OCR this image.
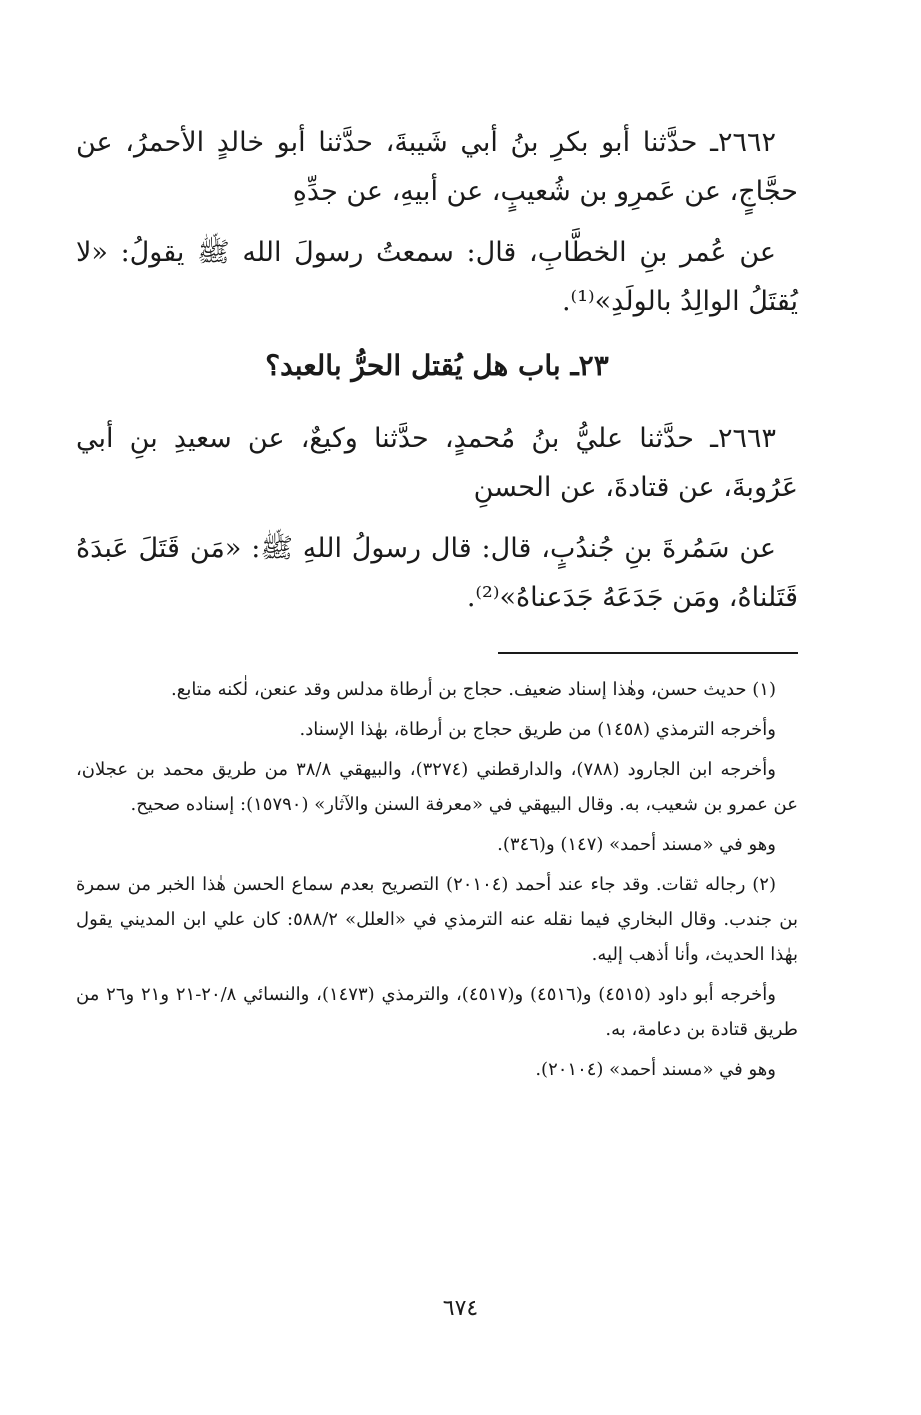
٢٦٦٢ـ حدَّثنا أبو بكرِ بنُ أبي شَيبةَ، حدَّثنا أبو خالدٍ الأحمرُ، عن حجَّاجٍ، عن عَمرِو بن شُعيبٍ، عن أبيهِ، عن جدِّهِ

عن عُمر بنِ الخطَّابِ، قال: سمعتُ رسولَ الله ﷺ يقولُ: «لا يُقتَلُ الوالِدُ بالولَدِ»⁽¹⁾.

٢٣ـ باب هل يُقتل الحرُّ بالعبد؟

٢٦٦٣ـ حدَّثنا عليُّ بنُ مُحمدٍ، حدَّثنا وكيعٌ، عن سعيدِ بنِ أبي عَرُوبةَ، عن قتادةَ، عن الحسنِ

عن سَمُرةَ بنِ جُندُبٍ، قال: قال رسولُ اللهِ ﷺ: «مَن قَتَلَ عَبدَهُ قَتَلناهُ، ومَن جَدَعَهُ جَدَعناهُ»⁽²⁾.

(١) حديث حسن، وهٰذا إسناد ضعيف. حجاج بن أرطاة مدلس وقد عنعن، لٰكنه متابع.

وأخرجه الترمذي (١٤٥٨) من طريق حجاج بن أرطاة، بهٰذا الإسناد.

وأخرجه ابن الجارود (٧٨٨)، والدارقطني (٣٢٧٤)، والبيهقي ٣٨/٨ من طريق محمد بن عجلان، عن عمرو بن شعيب، به. وقال البيهقي في «معرفة السنن والآثار» (١٥٧٩٠): إسناده صحيح.

وهو في «مسند أحمد» (١٤٧) و(٣٤٦).

(٢) رجاله ثقات. وقد جاء عند أحمد (٢٠١٠٤) التصريح بعدم سماع الحسن هٰذا الخبر من سمرة بن جندب. وقال البخاري فيما نقله عنه الترمذي في «العلل» ٥٨٨/٢: كان علي ابن المديني يقول بهٰذا الحديث، وأنا أذهب إليه.

وأخرجه أبو داود (٤٥١٥) و(٤٥١٦) و(٤٥١٧)، والترمذي (١٤٧٣)، والنسائي ٢٠/٨-٢١ و٢١ و٢٦ من طريق قتادة بن دعامة، به.

وهو في «مسند أحمد» (٢٠١٠٤).

٦٧٤
